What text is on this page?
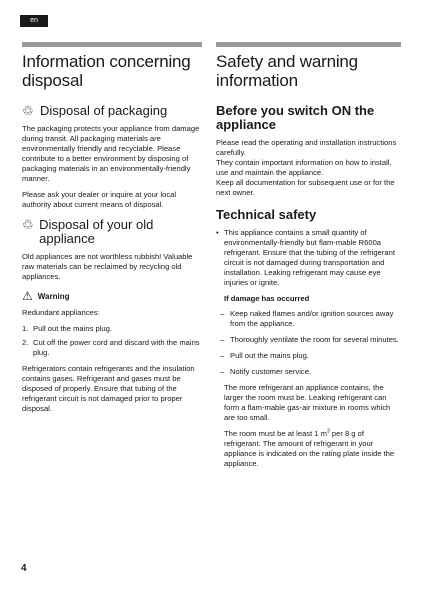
en
Information concerning disposal
♲ Disposal of packaging

The packaging protects your appliance from damage during transit. All packaging materials are environmentally friendly and recyclable. Please contribute to a better environment by disposing of packaging materials in an environmentally-friendly manner.

Please ask your dealer or inquire at your local authority about current means of disposal.

♲ Disposal of your old appliance

Old appliances are not worthless rubbish! Valuable raw materials can be reclaimed by recycling old appliances.

⚠ Warning

Redundant appliances:

1. Pull out the mains plug.
2. Cut off the power cord and discard with the mains plug.

Refrigerators contain refrigerants and the insulation contains gases. Refrigerant and gases must be disposed of properly. Ensure that tubing of the refrigerant circuit is not damaged prior to proper disposal.

Safety and warning information
Before you switch ON the appliance

Please read the operating and installation instructions carefully.

They contain important information on how to install, use and maintain the appliance.

Keep all documentation for subsequent use or for the next owner.

Technical safety
• This appliance contains a small quantity of environmentally-friendly but flam-mable R600a refrigerant. Ensure that the tubing of the refrigerant circuit is not damaged during transportation and installation. Leaking refrigerant may cause eye injuries or ignite.
If damage has occurred
– Keep naked flames and/or ignition sources away from the appliance.
– Thoroughly ventilate the room for several minutes.
– Pull out the mains plug.
– Notify customer service.

The more refrigerant an appliance contains, the larger the room must be. Leaking refrigerant can form a flam-mable gas-air mixture in rooms which are too small.

The room must be at least 1 $m^3$ per 8 g of refrigerant. The amount of refrigerant in your appliance is indicated on the rating plate inside the appliance.

4
